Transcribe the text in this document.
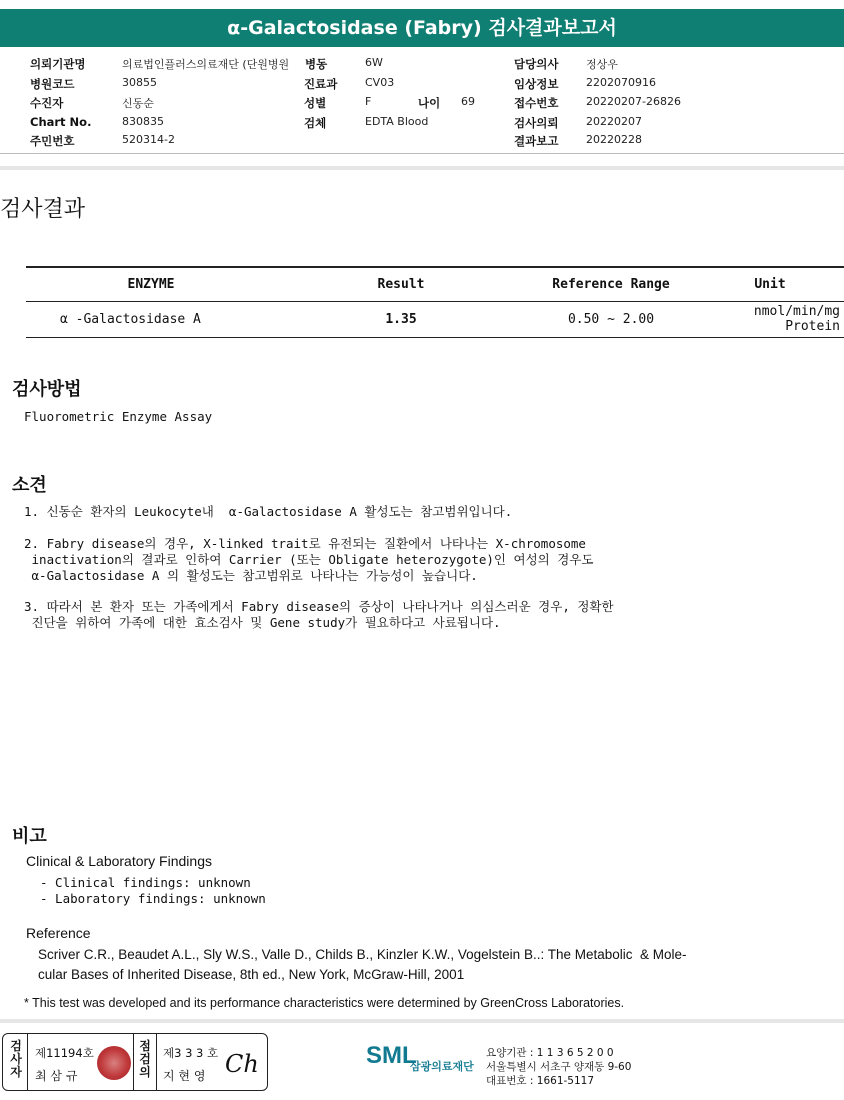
α-Galactosidase (Fabry) 검사결과보고서
의뢰기관명	의료법인플러스의료재단 (단원병원 병동	6W	담당의사	정상우
병원코드	30855	진료과	CV03	임상정보	2202070916
수진자	신동순	성별	F	나이 69	접수번호	20220207-26826
Chart No.	830835	검체	EDTA Blood	검사의뢰	20220207
주민번호	520314-2	결과보고	20220228
검사결과
ENZYME	Result	Reference Range	Unit
α -Galactosidase A	1.35	0.50 ~ 2.00	nmol/min/mg Protein
검사방법
Fluorometric Enzyme Assay
소견
1. 신동순 환자의 Leukocyte내  α-Galactosidase A 활성도는 참고범위입니다.
2. Fabry disease의 경우, X-linked trait로 유전되는 질환에서 나타나는 X-chromosome
inactivation의 결과로 인하여 Carrier (또는 Obligate heterozygote)인 여성의 경우도
α-Galactosidase A 의 활성도는 참고범위로 나타나는 가능성이 높습니다.
3. 따라서 본 환자 또는 가족에게서 Fabry disease의 증상이 나타나거나 의심스러운 경우, 정확한
진단을 위하여 가족에 대한 효소검사 및 Gene study가 필요하다고 사료됩니다.
비고
Clinical & Laboratory Findings
- Clinical findings: unknown
- Laboratory findings: unknown
Reference
Scriver C.R., Beaudet A.L., Sly W.S., Valle D., Childs B., Kinzler K.W., Vogelstein B..: The Metabolic  & Mole-
cular Bases of Inherited Disease, 8th ed., New York, McGraw-Hill, 2001
* This test was developed and its performance characteristics were determined by GreenCross Laboratories.
검
사
자
제11194호
최 삼 규
점
검
의
제3 3 3 호
지 현 영 Ch	SML
삼광의료재단
요양기관 : 1 1 3 6 5 2 0 0
서울특별시 서초구 양재동 9-60
대표번호 : 1661-5117
